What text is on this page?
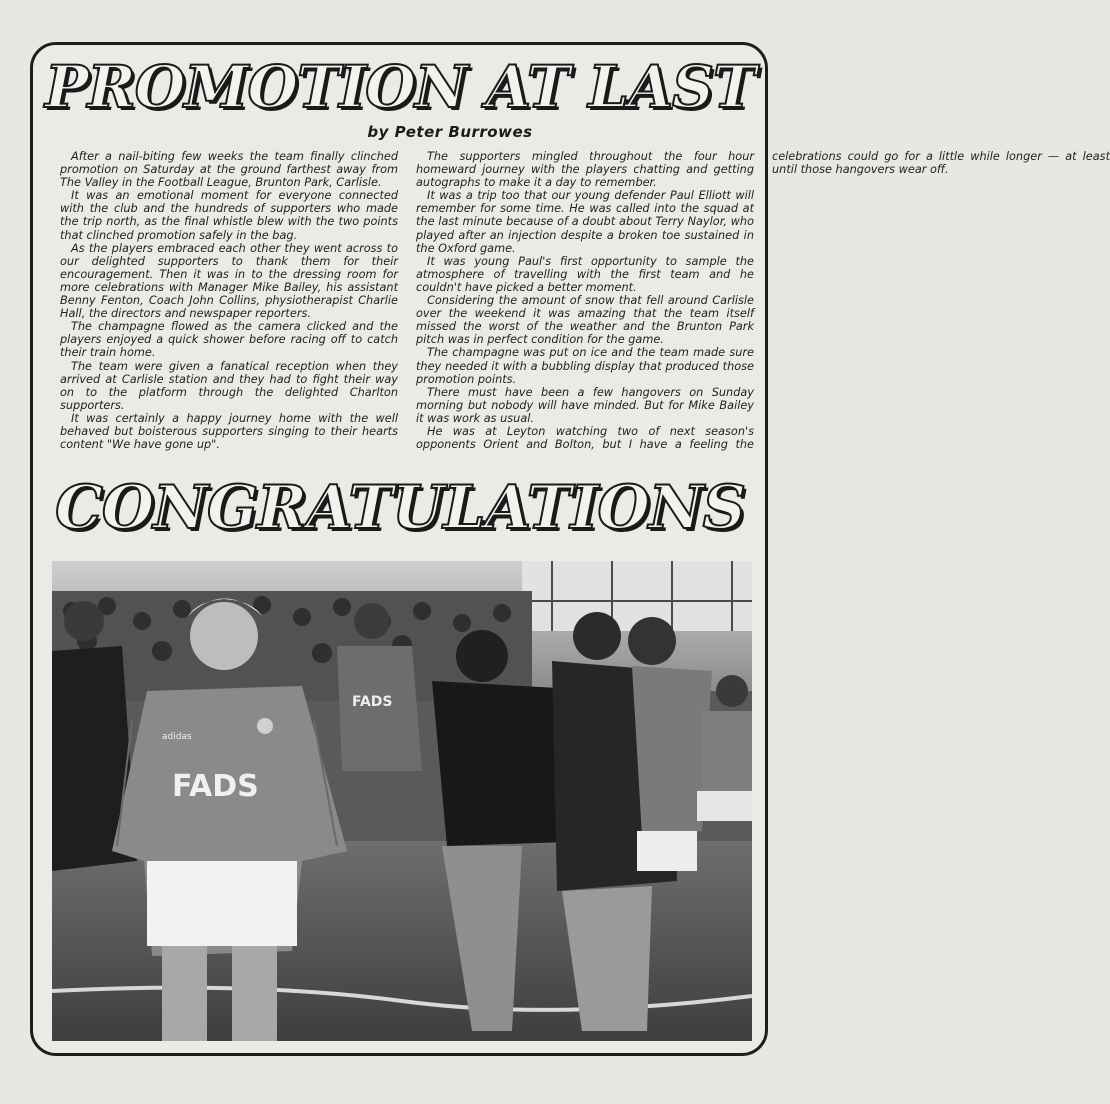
PROMOTION AT LAST
by Peter Burrowes

After a nail-biting few weeks the team finally clinched promotion on Saturday at the ground farthest away from The Valley in the Football League, Brunton Park, Carlisle.

It was an emotional moment for everyone connected with the club and the hundreds of supporters who made the trip north, as the final whistle blew with the two points that clinched promotion safely in the bag.

As the players embraced each other they went across to our delighted supporters to thank them for their encouragement. Then it was in to the dressing room for more celebrations with Manager Mike Bailey, his assistant Benny Fenton, Coach John Collins, physiotherapist Charlie Hall, the directors and newspaper reporters.

The champagne flowed as the camera clicked and the players enjoyed a quick shower before racing off to catch their train home.

The team were given a fanatical reception when they arrived at Carlisle station and they had to fight their way on to the platform through the delighted Charlton supporters.

It was certainly a happy journey home with the well behaved but boisterous supporters singing to their hearts content "We have gone up".

The supporters mingled throughout the four hour homeward journey with the players chatting and getting autographs to make it a day to remember.

It was a trip too that our young defender Paul Elliott will remember for some time. He was called into the squad at the last minute because of a doubt about Terry Naylor, who played after an injection despite a broken toe sustained in the Oxford game.

It was young Paul's first opportunity to sample the atmosphere of travelling with the first team and he couldn't have picked a better moment.

Considering the amount of snow that fell around Carlisle over the weekend it was amazing that the team itself missed the worst of the weather and the Brunton Park pitch was in perfect condition for the game.

The champagne was put on ice and the team made sure they needed it with a bubbling display that produced those promotion points.

There must have been a few hangovers on Sunday morning but nobody will have minded. But for Mike Bailey it was work as usual.

He was at Leyton watching two of next season's opponents Orient and Bolton, but I have a feeling the celebrations could go for a little while longer — at least until those hangovers wear off.

CONGRATULATIONS
FADS
adidas
FADS
